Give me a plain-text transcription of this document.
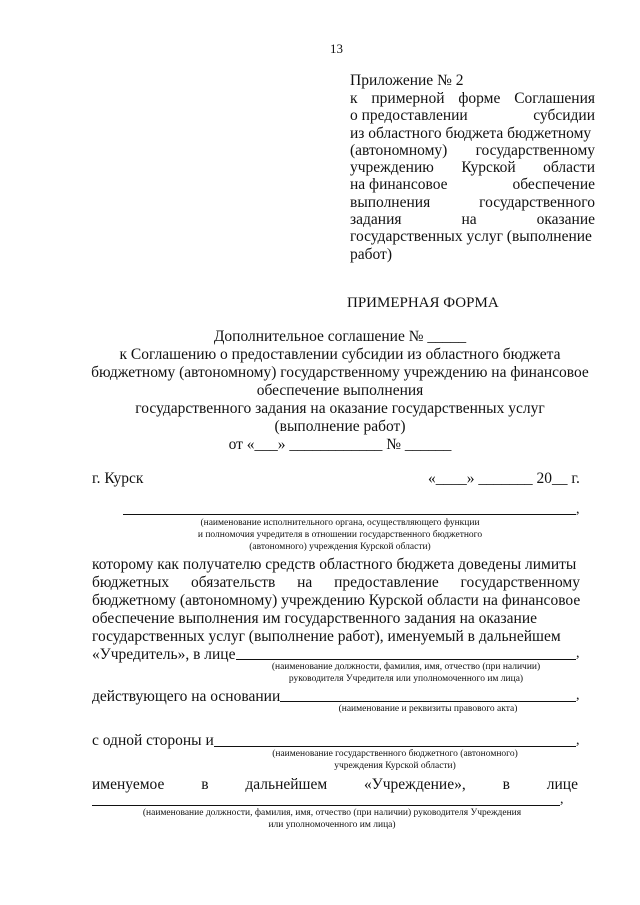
13
Приложение № 2
к примерной форме Соглашения
о предоставлении	субсидии
из областного бюджета бюджетному
(автономному) государственному
учреждению Курской области
на финансовое	обеспечение
выполнения	государственного
задания	на	оказание
государственных услуг (выполнение
работ)
ПРИМЕРНАЯ ФОРМА
Дополнительное соглашение № _____
к Соглашению о предоставлении субсидии из областного бюджета
бюджетному (автономному) государственному учреждению на финансовое
обеспечение выполнения
государственного задания на оказание государственных услуг
(выполнение работ)
от «___» ____________ № ______
г. Курск	«____» _______ 20__ г.
,
(наименование исполнительного органа, осуществляющего функции
и полномочия учредителя в отношении государственного бюджетного
(автономного) учреждения Курской области)
которому как получателю средств областного бюджета доведены лимиты
бюджетных обязательств на предоставление государственному
бюджетному (автономному) учреждению Курской области на финансовое
обеспечение выполнения им государственного задания на оказание
государственных услуг (выполнение работ), именуемый в дальнейшем
«Учредитель», в лице	,
(наименование должности, фамилия, имя, отчество (при наличии)
руководителя Учредителя или уполномоченного им лица)
действующего на основании	,
(наименование и реквизиты правового акта)
с одной стороны и	,
(наименование государственного бюджетного (автономного)
учреждения Курской области)
именуемое в дальнейшем «Учреждение», в лице
,
(наименование должности, фамилия, имя, отчество (при наличии) руководителя Учреждения
или уполномоченного им лица)
